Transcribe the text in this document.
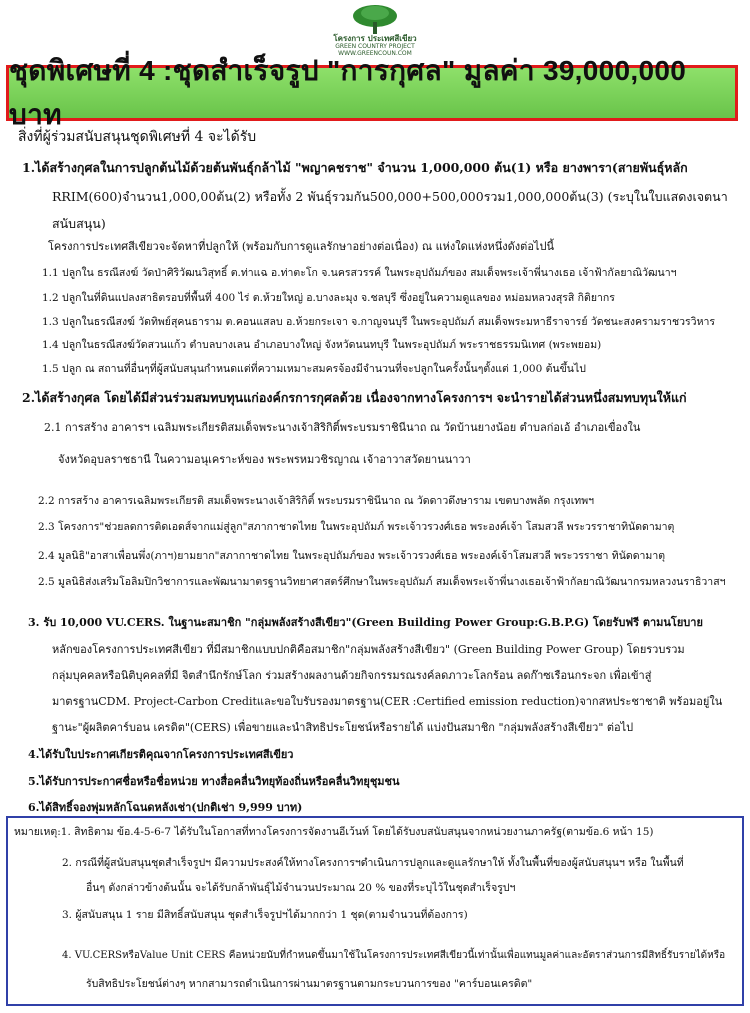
โครงการ ประเทศสีเขียว
GREEN COUNTRY PROJECT
WWW.GREENCOUN.COM
ชุดพิเศษที่ 4 :ชุดสำเร็จรูป "การกุศล" มูลค่า 39,000,000 บาท
สิ่งที่ผู้ร่วมสนับสนุนชุดพิเศษที่ 4 จะได้รับ
1.ได้สร้างกุศลในการปลูกต้นไม้ด้วยต้นพันธุ์กล้าไม้ "พญาคชราช" จำนวน 1,000,000 ต้น(1) หรือ ยางพารา(สายพันธุ์หลัก
RRIM(600)จำนวน1,000,00ต้น(2) หรือทั้ง 2 พันธุ์รวมกัน500,000+500,000รวม1,000,000ต้น(3) (ระบุในใบแสดงเจตนา
สนับสนุน)
โครงการประเทศสีเขียวจะจัดหาที่ปลูกให้ (พร้อมกับการดูแลรักษาอย่างต่อเนื่อง) ณ แห่งใดแห่งหนึ่งดังต่อไปนี้
1.1 ปลูกใน ธรณีสงฆ์ วัดป่าศิริวัฒนวิสุทธิ์ ต.ท่าแฉ อ.ท่าตะโก จ.นครสวรรค์ ในพระอุปถัมภ์ของ สมเด็จพระเจ้าพี่นางเธอ เจ้าฟ้ากัลยาณิวัฒนาฯ
1.2 ปลูกในที่ดินแปลงสาธิตรอบที่พื้นที่ 400 ไร่ ต.ห้วยใหญ่ อ.บางละมุง จ.ชลบุรี ซึ่งอยู่ในความดูแลของ หม่อมหลวงสุรสิ กิติยากร
1.3 ปลูกในธรณีสงฆ์ วัดทิพย์สุคนธาราม ต.คอนแสลบ อ.ห้วยกระเจา จ.กาญจนบุรี ในพระอุปถัมภ์ สมเด็จพระมหาธีราจารย์ วัดชนะสงครามราชวรวิหาร
1.4 ปลูกในธรณีสงฆ์วัดสวนแก้ว ตำบลบางเลน อำเภอบางใหญ่ จังหวัดนนทบุรี ในพระอุปถัมภ์ พระราชธรรมนิเทศ (พระพยอม)
1.5 ปลูก ณ สถานที่อื่นๆที่ผู้สนับสนุนกำหนดแต่ที่ความเหมาะสมครจ้องมีจำนวนที่จะปลูกในครั้งนั้นๆตั้งแต่ 1,000 ต้นขึ้นไป
2.ได้สร้างกุศล โดยได้มีส่วนร่วมสมทบทุนแก่องค์กรการกุศลด้วย เนื่องจากทางโครงการฯ จะนำรายได้ส่วนหนึ่งสมทบทุนให้แก่
2.1 การสร้าง อาคารฯ เฉลิมพระเกียรติสมเด็จพระนางเจ้าสิริกิติ์พระบรมราชินีนาถ ณ วัดบ้านยางน้อย ตำบลก่อเอ้ อำเภอเขื่องใน
จังหวัดอุบลราชธานี ในความอนุเคราะห์ของ พระพรหมวชิรญาณ เจ้าอาวาสวัดยานนาวา
2.2 การสร้าง อาคารเฉลิมพระเกียรติ สมเด็จพระนางเจ้าสิริกิติ์ พระบรมราชินีนาถ ณ วัดดาวดึงษาราม เขตบางพลัด กรุงเทพฯ
2.3 โครงการ"ช่วยลดการติดเอดส์จากแม่สู่ลูก"สภากาชาดไทย ในพระอุปถัมภ์ พระเจ้าวรวงศ์เธอ พระองค์เจ้า โสมสวลี พระวรราชาทินัดดามาตุ
2.4 มูลนิธิ"อาสาเพื่อนพึ่ง(ภาฯ)ยามยาก"สภากาชาดไทย ในพระอุปถัมภ์ของ พระเจ้าวรวงศ์เธอ พระองค์เจ้าโสมสวลี พระวรราชา ทินัดดามาตุ
2.5 มูลนิธิส่งเสริมโอลิมปิกวิชาการและพัฒนามาตรฐานวิทยาศาสตร์ศึกษาในพระอุปถัมภ์ สมเด็จพระเจ้าพี่นางเธอเจ้าฟ้ากัลยาณิวัฒนากรมหลวงนราธิวาสฯ
3. รับ 10,000 VU.CERS. ในฐานะสมาชิก "กลุ่มพลังสร้างสีเขียว"(Green Building Power Group:G.B.P.G) โดยรับฟรี ตามนโยบาย
หลักของโครงการประเทศสีเขียว ที่มีสมาชิกแบบปกติคือสมาชิก"กลุ่มพลังสร้างสีเขียว" (Green Building Power Group) โดยรวบรวม
กลุ่มบุคคลหรือนิติบุคคลที่มี จิตสำนึกรักษ์โลก ร่วมสร้างผลงานด้วยกิจกรรมรณรงค์ลดภาวะโลกร้อน ลดก๊าซเรือนกระจก เพื่อเข้าสู่
มาตรฐานCDM. Project-Carbon Creditและขอใบรับรองมาตรฐาน(CER :Certified emission reduction)จากสหประชาชาติ พร้อมอยู่ใน
ฐานะ"ผู้ผลิตคาร์บอน เครดิต"(CERS) เพื่อขายและนำสิทธิประโยชน์หรือรายได้ แบ่งปันสมาชิก "กลุ่มพลังสร้างสีเขียว" ต่อไป
4.ได้รับใบประกาศเกียรติคุณจากโครงการประเทศสีเขียว
5.ได้รับการประกาศชื่อหรือชื่อหน่วย ทางสื่อคลื่นวิทยุท้องถิ่นหรือคลื่นวิทยุชุมชน
6.ได้สิทธิ์จองพุ่มหลักโฉนดหลังเช่า(ปกติเช่า 9,999 บาท)
หมายเหตุ:1. สิทธิตาม ข้อ.4-5-6-7 ได้รับในโอกาสที่ทางโครงการจัดงานอีเว้นท์ โดยได้รับงบสนับสนุนจากหน่วยงานภาครัฐ(ตามข้อ.6 หน้า 15)
2. กรณีที่ผู้สนับสนุนชุดสำเร็จรูปฯ มีความประสงค์ให้ทางโครงการฯดำเนินการปลูกและดูแลรักษาให้ ทั้งในพื้นที่ของผู้สนับสนุนฯ หรือ ในพื้นที่
อื่นๆ ดังกล่าวข้างต้นนั้น จะได้รับกล้าพันธุ์ไม้จำนวนประมาณ 20 % ของที่ระบุไว้ในชุดสำเร็จรูปฯ
3. ผู้สนับสนุน 1 ราย มีสิทธิ์สนับสนุน ชุดสำเร็จรูปฯได้มากกว่า 1 ชุด(ตามจำนวนที่ต้องการ)
4. VU.CERSหรือValue Unit CERS คือหน่วยนับที่กำหนดขึ้นมาใช้ในโครงการประเทศสีเขียวนี้เท่านั้นเพื่อแทนมูลค่าและอัตราส่วนการมีสิทธิ์รับรายได้หรือ
รับสิทธิประโยชน์ต่างๆ หากสามารถดำเนินการผ่านมาตรฐานตามกระบวนการของ "คาร์บอนเครดิต"
